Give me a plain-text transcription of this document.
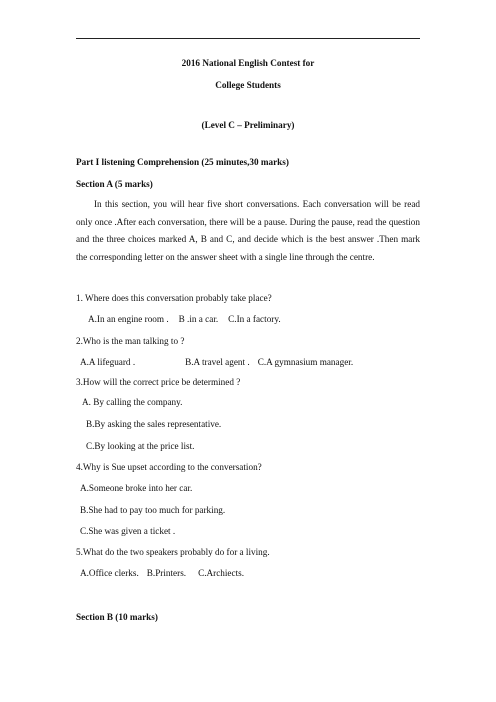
2016 National English Contest for
College Students
(Level C – Preliminary)
Part I listening Comprehension (25 minutes,30 marks)
Section A (5 marks)

In this section, you will hear five short conversations. Each conversation will be read only once .After each conversation, there will be a pause. During the pause, read the question and the three choices marked A, B and C, and decide which is the best answer .Then mark the corresponding letter on the answer sheet with a single line through the centre.

1. Where does this conversation probably take place?
A.In an engine room . B .in a car. C.In a factory.
2.Who is the man talking to ?
A.A lifeguard .	B.A travel agent . C.A gymnasium manager.
3.How will the correct price be determined ?
A. By calling the company.
B.By asking the sales representative.
C.By looking at the price list.
4.Why is Sue upset according to the conversation?
A.Someone broke into her car.
B.She had to pay too much for parking.
C.She was given a ticket .
5.What do the two speakers probably do for a living.
A.Office clerks. B.Printers. C.Archiects.
Section B (10 marks)
